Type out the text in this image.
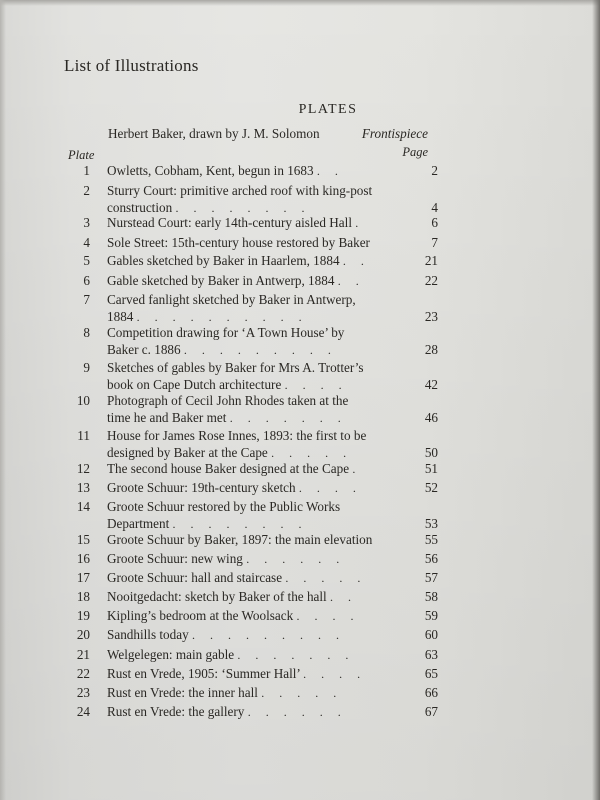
List of Illustrations
PLATES
Herbert Baker, drawn by J. M. Solomon	Frontispiece
Plate	Page
1 Owletts, Cobham, Kent, begun in 1683 . .	2
2 Sturry Court: primitive arched roof with king-post
construction . . . . . . . .	4
3 Nurstead Court: early 14th-century aisled Hall .	6
4 Sole Street: 15th-century house restored by Baker	7
5 Gables sketched by Baker in Haarlem, 1884 . .	21
6 Gable sketched by Baker in Antwerp, 1884 . .	22
7 Carved fanlight sketched by Baker in Antwerp,
1884 . . . . . . . . . .	23
8 Competition drawing for ‘A Town House’ by
Baker c. 1886 . . . . . . . . .	28
9 Sketches of gables by Baker for Mrs A. Trotter’s
book on Cape Dutch architecture . . . .	42
10 Photograph of Cecil John Rhodes taken at the
time he and Baker met . . . . . . .	46
11 House for James Rose Innes, 1893: the first to be
designed by Baker at the Cape . . . . .	50
12 The second house Baker designed at the Cape .	51
13 Groote Schuur: 19th-century sketch . . . .	52
14 Groote Schuur restored by the Public Works
Department . . . . . . . .	53
15 Groote Schuur by Baker, 1897: the main elevation	55
16 Groote Schuur: new wing . . . . . .	56
17 Groote Schuur: hall and staircase . . . . .	57
18 Nooitgedacht: sketch by Baker of the hall . .	58
19 Kipling’s bedroom at the Woolsack . . . .	59
20 Sandhills today . . . . . . . . .	60
21 Welgelegen: main gable . . . . . . .	63
22 Rust en Vrede, 1905: ‘Summer Hall’ . . . .	65
23 Rust en Vrede: the inner hall . . . . .	66
24 Rust en Vrede: the gallery . . . . . .	67
